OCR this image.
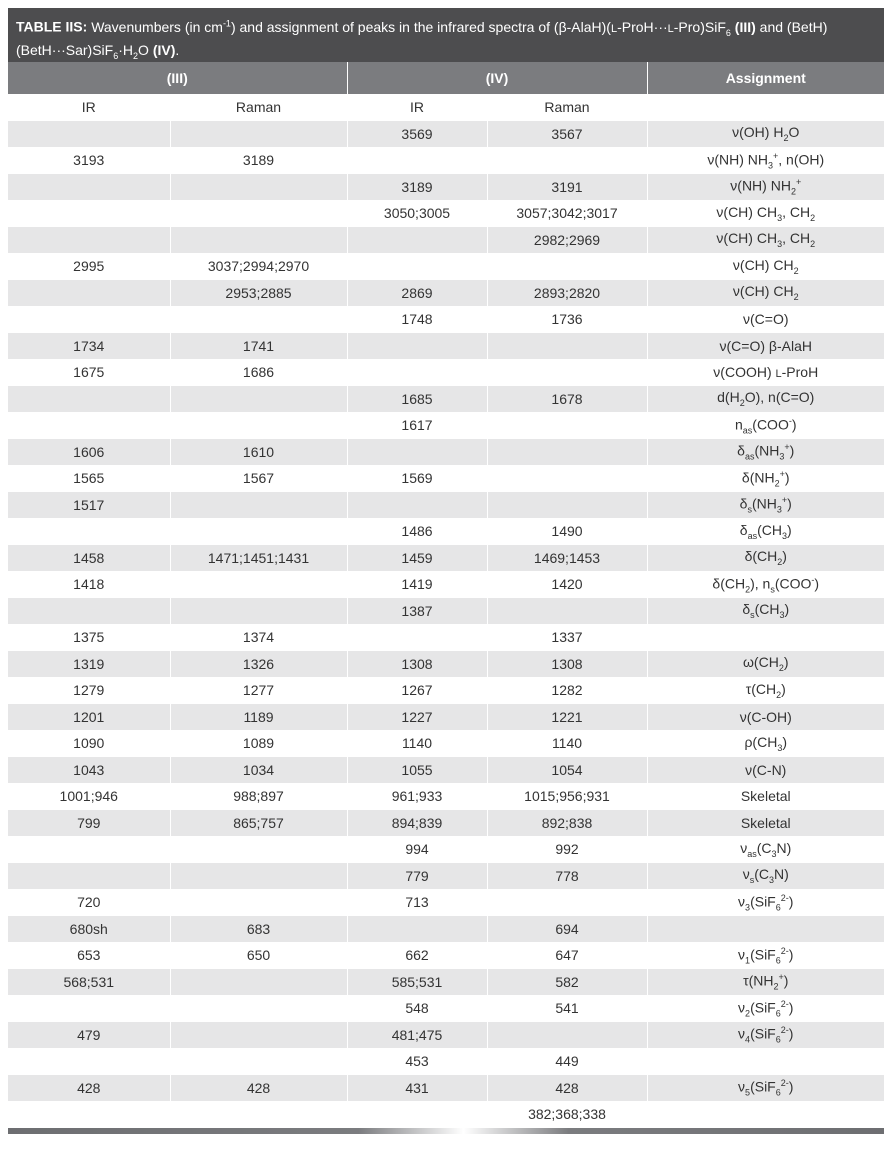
TABLE IIS: Wavenumbers (in $cm^{-1}$) and assignment of peaks in the infrared spectra of (β-AlaH)(L-ProH···L-Pro)SiF$_6$ (III) and $(BetH)(BetH\cdot\cdot\cdot Sar)SiF_6\cdot H_2O$ (IV).
(III)		(IV)		Assignment
IR	Raman	IR	Raman	
		3569	3567	ν(OH) $H_2O$
3193	3189			ν(NH) $NH_3^+$, n(OH)
		3189	3191	ν(NH) $NH_2^+$
		3050;3005	3057;3042;3017	ν(CH) $CH_3$, $CH_2$
			2982;2969	ν(CH) $CH_3$, $CH_2$
2995	3037;2994;2970			ν(CH) $CH_2$
	2953;2885	2869	2893;2820	ν(CH) $CH_2$
		1748	1736	ν(C=O)
1734	1741			ν(C=O) β-AlaH
1675	1686			ν(COOH) L-ProH
		1685	1678	$d(H_2O)$, n(C=O)
		1617		$n_{as}(COO^-)$
1606	1610			$\delta_{as}(NH_3^+)$
1565	1567	1569		$\delta(NH_2^+)$
1517				$\delta_s(NH_3^+)$
		1486	1490	$\delta_{as}(CH_3)$
1458	1471;1451;1431	1459	1469;1453	$\delta(CH_2)$
1418		1419	1420	$\delta(CH_2)$, $n_s(COO^-)$
		1387		$\delta_s(CH_3)$
1375	1374		1337	
1319	1326	1308	1308	$\omega(CH_2)$
1279	1277	1267	1282	$\tau(CH_2)$
1201	1189	1227	1221	ν(C-OH)
1090	1089	1140	1140	$\rho(CH_3)$
1043	1034	1055	1054	ν(C-N)
1001;946	988;897	961;933	1015;956;931	Skeletal
799	865;757	894;839	892;838	Skeletal
		994	992	$\nu_{as}(C_3N)$
		779	778	$\nu_s(C_3N)$
720		713		$\nu_3(SiF_6^{2-})$
680sh	683		694	
653	650	662	647	$\nu_1(SiF_6^{2-})$
568;531		585;531	582	$\tau(NH_2^+)$
		548	541	$\nu_2(SiF_6^{2-})$
479		481;475		$\nu_4(SiF_6^{2-})$
		453	449	
428	428	431	428	$\nu_5(SiF_6^{2-})$
			382;368;338	
